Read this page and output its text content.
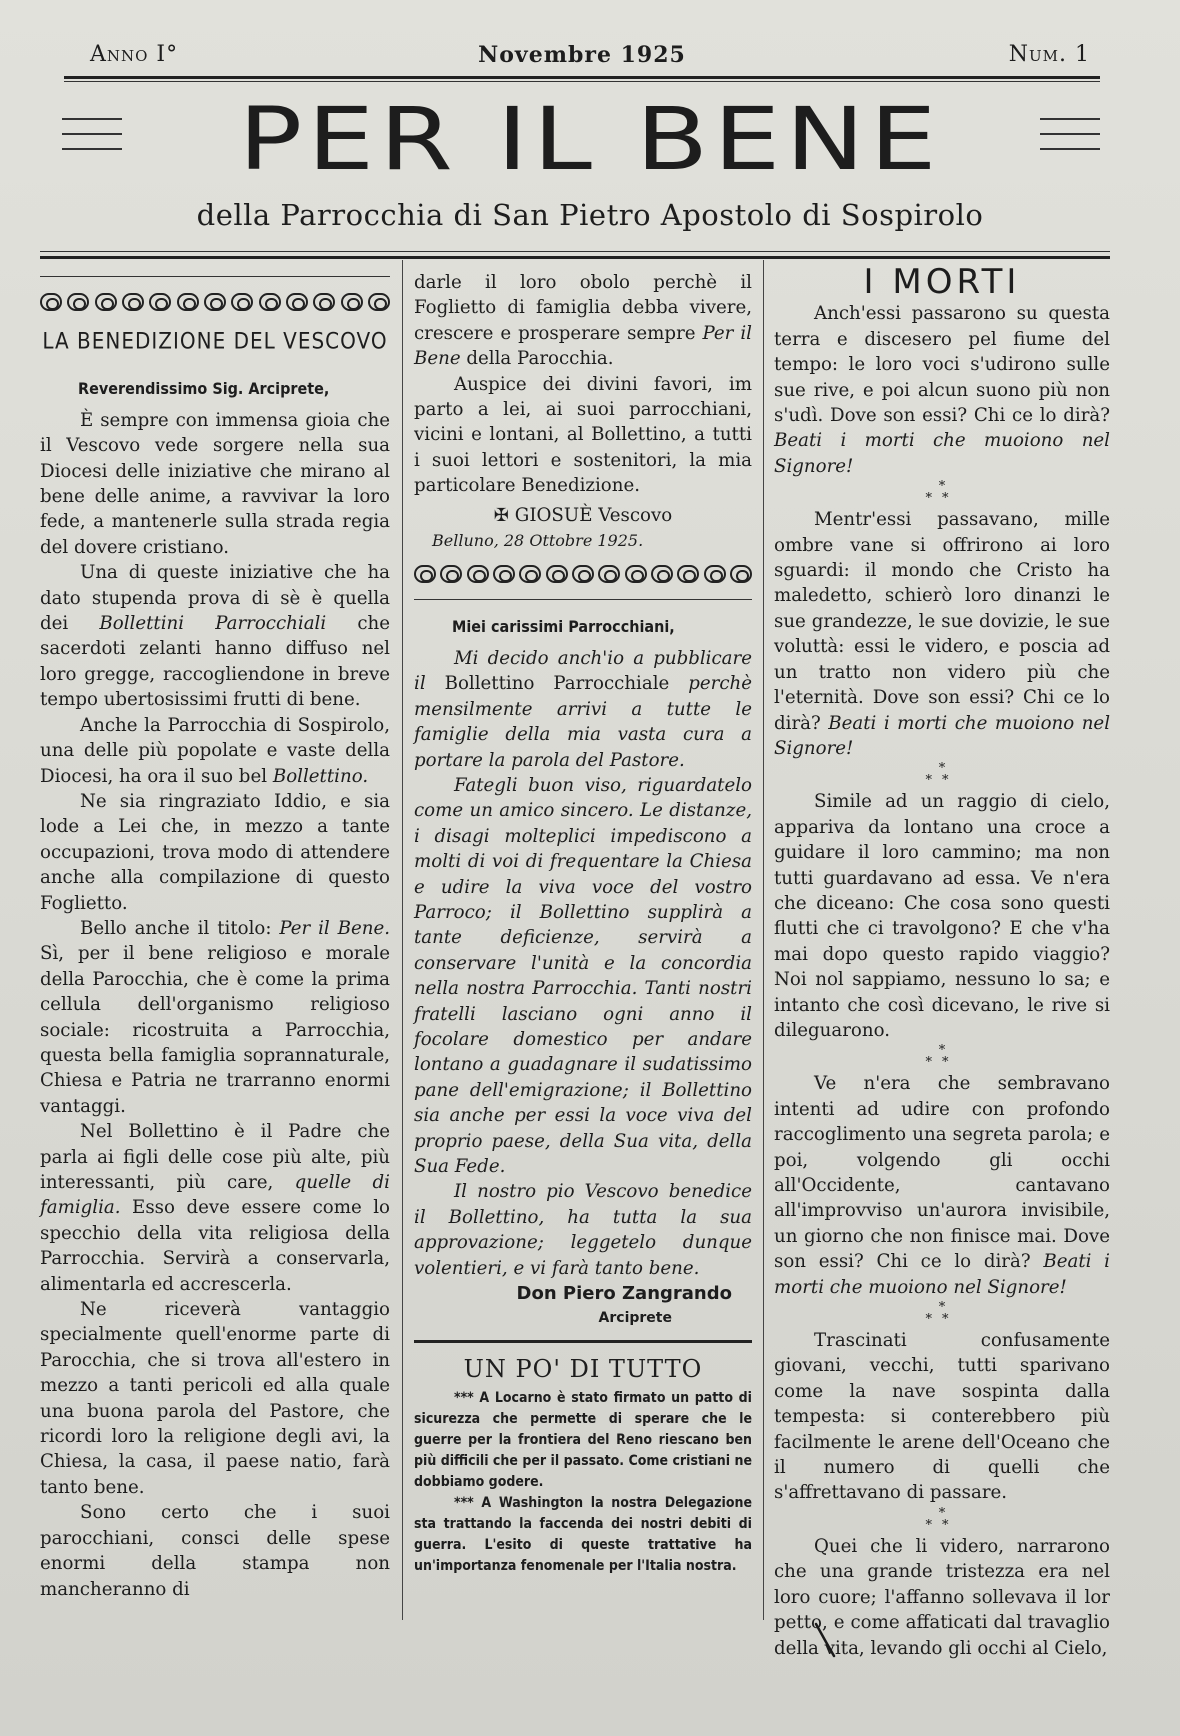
Anno I°	Novembre 1925	Num. 1
PER IL BENE
della Parrocchia di San Pietro Apostolo di Sospirolo
LA BENEDIZIONE DEL VESCOVO
Reverendissimo Sig. Arciprete,

È sempre con immensa gioia che il Vescovo vede sorgere nella sua Diocesi delle iniziative che mirano al bene delle anime, a ravvivar la loro fede, a mantenerle sulla strada regia del dovere cristiano.

Una di queste iniziative che ha dato stupenda prova di sè è quella dei Bollettini Parrocchiali che sacerdoti zelanti hanno diffuso nel loro gregge, raccogliendone in breve tempo ubertosissimi frutti di bene.

Anche la Parrocchia di Sospirolo, una delle più popolate e vaste della Diocesi, ha ora il suo bel Bollettino.

Ne sia ringraziato Iddio, e sia lode a Lei che, in mezzo a tante occupazioni, trova modo di attendere anche alla compilazione di questo Foglietto.

Bello anche il titolo: Per il Bene. Sì, per il bene religioso e morale della Parocchia, che è come la prima cellula dell'organismo religioso sociale: ricostruita a Parrocchia, questa bella famiglia soprannaturale, Chiesa e Patria ne trarranno enormi vantaggi.

Nel Bollettino è il Padre che parla ai figli delle cose più alte, più interessanti, più care, quelle di famiglia. Esso deve essere come lo specchio della vita religiosa della Parrocchia. Servirà a conservarla, alimentarla ed accrescerla.

Ne riceverà vantaggio specialmente quell'enorme parte di Parocchia, che si trova all'estero in mezzo a tanti pericoli ed alla quale una buona parola del Pastore, che ricordi loro la religione degli avi, la Chiesa, la casa, il paese natio, farà tanto bene.

Sono certo che i suoi parocchiani, consci delle spese enormi della stampa non mancheranno di

darle il loro obolo perchè il Foglietto di famiglia debba vivere, crescere e prosperare sempre Per il Bene della Parocchia.

Auspice dei divini favori, im parto a lei, ai suoi parrocchiani, vicini e lontani, al Bollettino, a tutti i suoi lettori e sostenitori, la mia particolare Benedizione.

✠ GIOSUÈ Vescovo
Belluno, 28 Ottobre 1925.
Miei carissimi Parrocchiani,

Mi decido anch'io a pubblicare il Bollettino Parrocchiale perchè mensilmente arrivi a tutte le famiglie della mia vasta cura a portare la parola del Pastore.

Fategli buon viso, riguardatelo come un amico sincero. Le distanze, i disagi molteplici impediscono a molti di voi di frequentare la Chiesa e udire la viva voce del vostro Parroco; il Bollettino supplirà a tante deficienze, servirà a conservare l'unità e la concordia nella nostra Parrocchia. Tanti nostri fratelli lasciano ogni anno il focolare domestico per andare lontano a guadagnare il sudatissimo pane dell'emigrazione; il Bollettino sia anche per essi la voce viva del proprio paese, della Sua vita, della Sua Fede.

Il nostro pio Vescovo benedice il Bollettino, ha tutta la sua approvazione; leggetelo dunque volentieri, e vi farà tanto bene.

Don Piero Zangrando
Arciprete
UN PO' DI TUTTO

*** A Locarno è stato firmato un patto di sicurezza che permette di sperare che le guerre per la frontiera del Reno riescano ben più difficili che per il passato. Come cristiani ne dobbiamo godere.

*** A Washington la nostra Delegazione sta trattando la faccenda dei nostri debiti di guerra. L'esito di queste trattative ha un'importanza fenomenale per l'Italia nostra.

I MORTI

Anch'essi passarono su questa terra e discesero pel fiume del tempo: le loro voci s'udirono sulle sue rive, e poi alcun suono più non s'udì. Dove son essi? Chi ce lo dirà? Beati i morti che muoiono nel Signore!

*
**

Mentr'essi passavano, mille ombre vane si offrirono ai loro sguardi: il mondo che Cristo ha maledetto, schierò loro dinanzi le sue grandezze, le sue dovizie, le sue voluttà: essi le videro, e poscia ad un tratto non videro più che l'eternità. Dove son essi? Chi ce lo dirà? Beati i morti che muoiono nel Signore!

*
**

Simile ad un raggio di cielo, appariva da lontano una croce a guidare il loro cammino; ma non tutti guardavano ad essa. Ve n'era che diceano: Che cosa sono questi flutti che ci travolgono? E che v'ha mai dopo questo rapido viaggio? Noi nol sappiamo, nessuno lo sa; e intanto che così dicevano, le rive si dileguarono.

*
**

Ve n'era che sembravano intenti ad udire con profondo raccoglimento una segreta parola; e poi, volgendo gli occhi all'Occidente, cantavano all'improvviso un'aurora invisibile, un giorno che non finisce mai. Dove son essi? Chi ce lo dirà? Beati i morti che muoiono nel Signore!

*
**

Trascinati confusamente giovani, vecchi, tutti sparivano come la nave sospinta dalla tempesta: si conterebbero più facilmente le arene dell'Oceano che il numero di quelli che s'affrettavano di passare.

*
**

Quei che li videro, narrarono che una grande tristezza era nel loro cuore; l'affanno sollevava il lor petto, e come affaticati dal travaglio della vita, levando gli occhi al Cielo,
